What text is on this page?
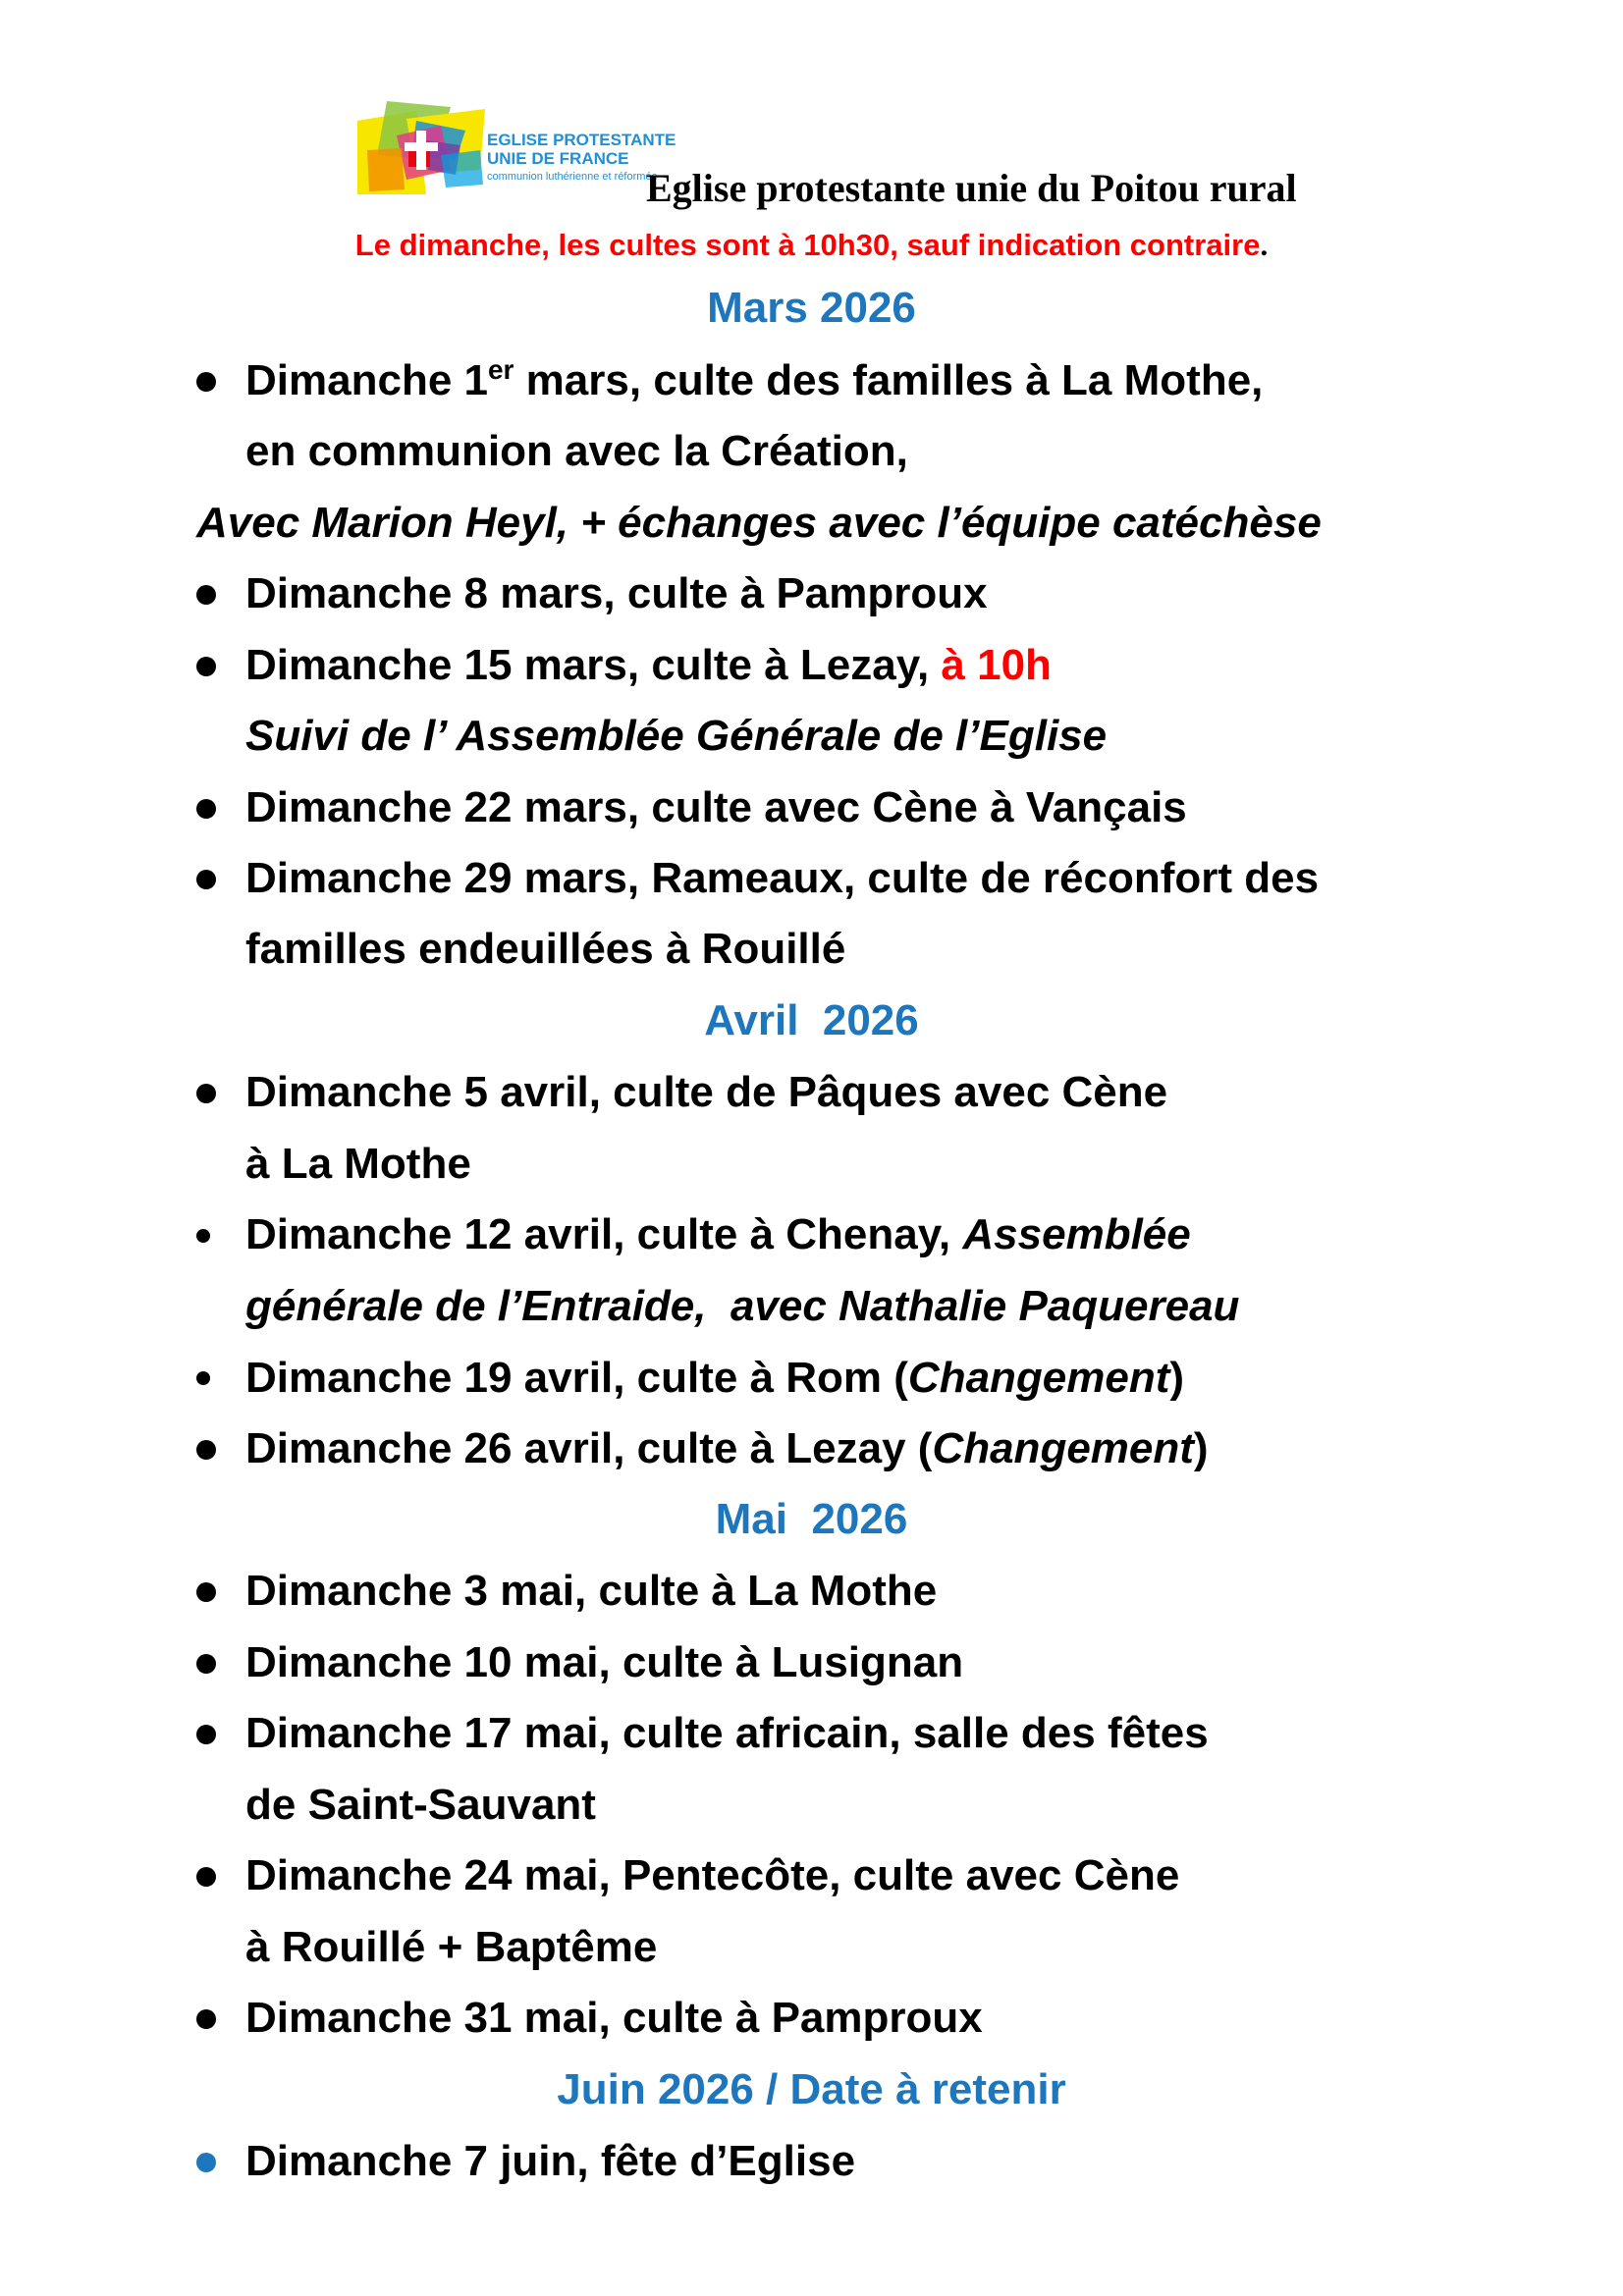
EGLISE PROTESTANTE
UNIE DE FRANCE
communion luthérienne et réformée
Eglise protestante unie du Poitou rural
Le dimanche, les cultes sont à 10h30, sauf indication contraire.
Mars 2026
Dimanche 1er mars, culte des familles à La Mothe,
en communion avec la Création,
Avec Marion Heyl, + échanges avec l’équipe catéchèse
Dimanche 8 mars, culte à Pamproux
Dimanche 15 mars, culte à Lezay, à 10h
Suivi de l’ Assemblée Générale de l’Eglise
Dimanche 22 mars, culte avec Cène à Vançais
Dimanche 29 mars, Rameaux, culte de réconfort des
familles endeuillées à Rouillé
Avril  2026
Dimanche 5 avril, culte de Pâques avec Cène
à La Mothe
Dimanche 12 avril, culte à Chenay, Assemblée
générale de l’Entraide,  avec Nathalie Paquereau
Dimanche 19 avril, culte à Rom (Changement)
Dimanche 26 avril, culte à Lezay (Changement)
Mai  2026
Dimanche 3 mai, culte à La Mothe
Dimanche 10 mai, culte à Lusignan
Dimanche 17 mai, culte africain, salle des fêtes
de Saint-Sauvant
Dimanche 24 mai, Pentecôte, culte avec Cène
à Rouillé + Baptême
Dimanche 31 mai, culte à Pamproux
Juin 2026 / Date à retenir
Dimanche 7 juin, fête d’Eglise
